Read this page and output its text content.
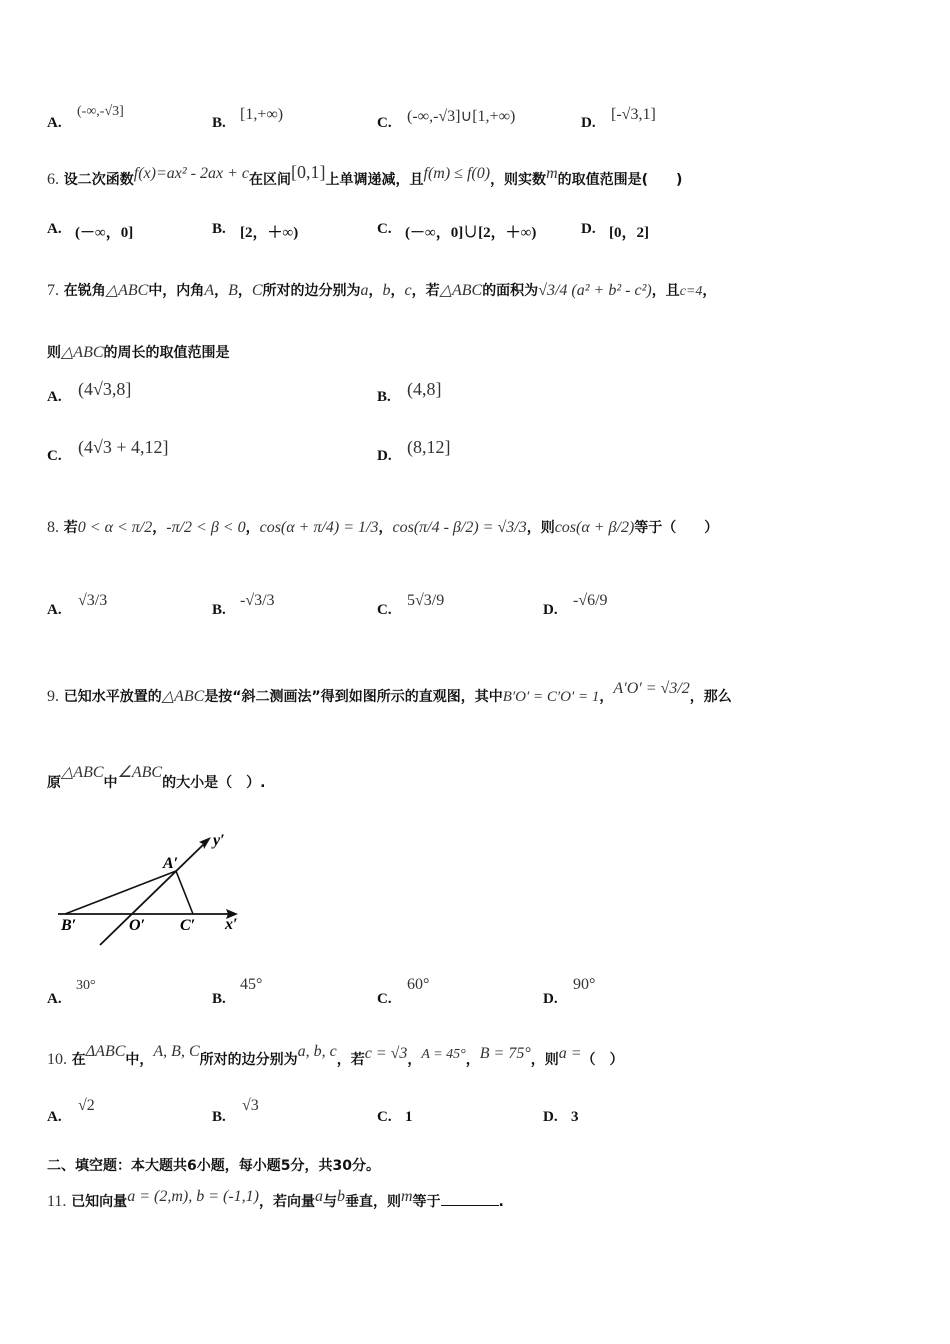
A.
(-∞,-√3]
B. [1,+∞)	C. (-∞,-√3]∪[1,+∞)	D. [-√3,1]
6. 设二次函数f(x)=ax² - 2ax + c在区间[0,1]上单调递减，且f(m) ≤ f(0)，则实数m的取值范围是(　　)
A. (－∞，0]	B. [2，＋∞)	C. (－∞，0]∪[2，＋∞)	D. [0，2]
7. 在锐角△ABC中，内角A，B，C所对的边分别为a，b，c，若△ABC的面积为√3/4 (a² + b² - c²)，且c=4，
则△ABC的周长的取值范围是
A. (4√3,8]	B. (4,8]
C. (4√3 + 4,12]	D. (8,12]
8. 若0 < α < π/2，-π/2 < β < 0，cos(α + π/4) = 1/3，cos(π/4 - β/2) = √3/3，则cos(α + β/2)等于（　　）
A.
√3/3
B.
-√3/3
C.
5√3/9
D.
-√6/9
9. 已知水平放置的△ABC是按“斜二测画法”得到如图所示的直观图，其中B′O′ = C′O′ = 1，A′O′ = √3/2，那么
原△ABC中∠ABC的大小是（　）.
y′
A′
B′	O′ C′ x′
A.
30°
B.
45°
C.
60°
D.
90°
10. 在ΔABC中，A, B, C所对的边分别为a, b, c，若c = √3，A = 45°，B = 75°，则a =（　）
A.
√2
B.
√3
C. 1	D. 3
二、填空题：本大题共6小题，每小题5分，共30分。
11. 已知向量a = (2,m), b = (-1,1)，若向量a与b垂直，则m等于	.
